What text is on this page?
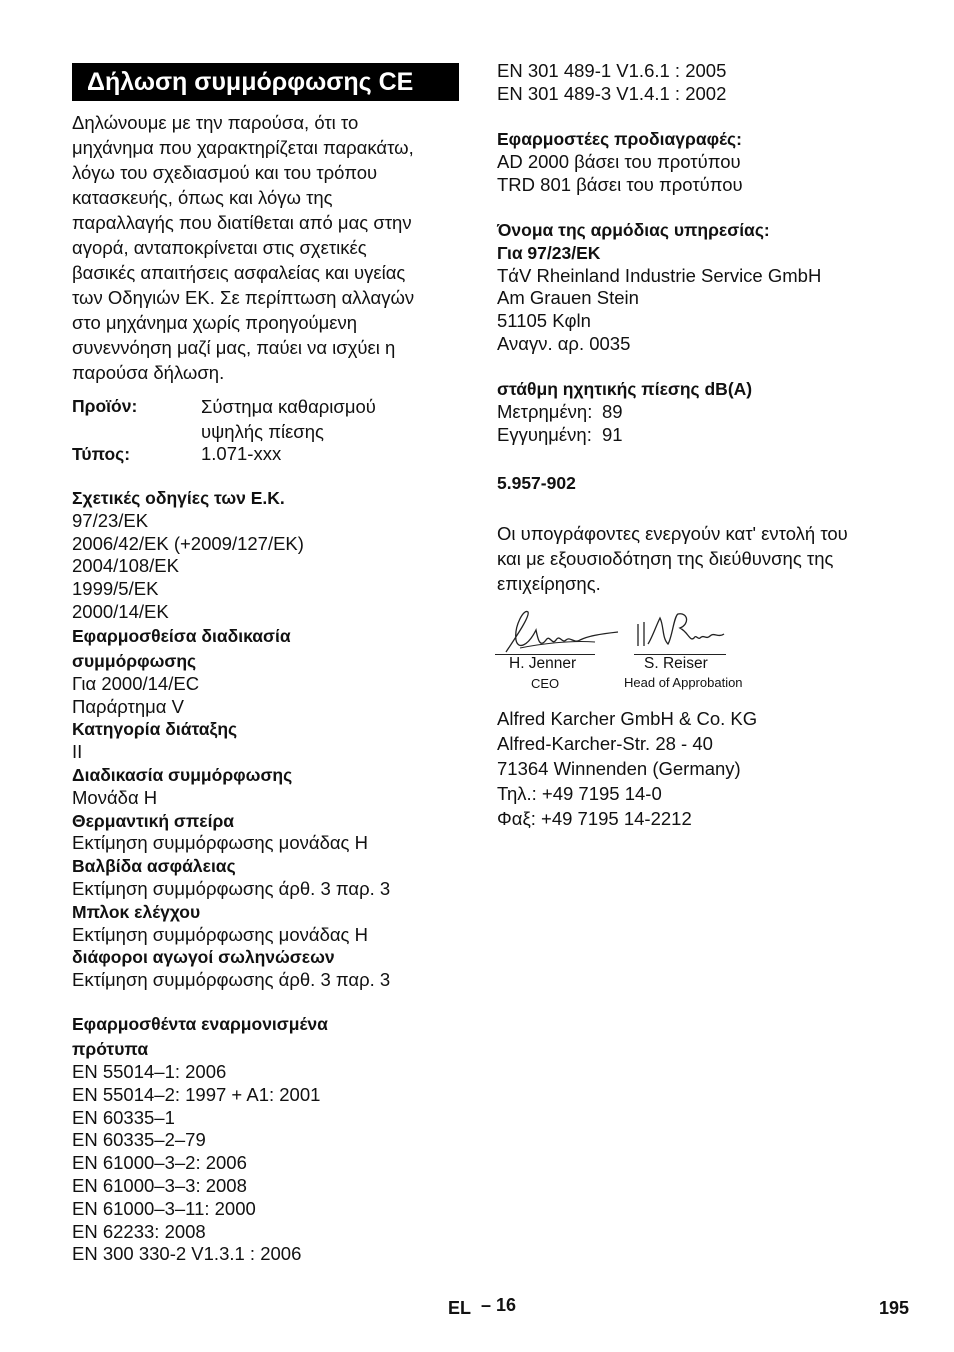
Δήλωση συμμόρφωσης CE
Δηλώνουμε με την παρούσα, ότι το
μηχάνημα που χαρακτηρίζεται παρακάτω,
λόγω του σχεδιασμού και του τρόπου
κατασκευής, όπως και λόγω της
παραλλαγής που διατίθεται από μας στην
αγορά, ανταποκρίνεται στις σχετικές
βασικές απαιτήσεις ασφαλείας και υγείας
των Οδηγιών ΕΚ. Σε περίπτωση αλλαγών
στο μηχάνημα χωρίς προηγούμενη
συνεννόηση μαζί μας, παύει να ισχύει η
παρούσα δήλωση.
Προϊόν:	Σύστημα καθαρισμού
υψηλής πίεσης
Τύπος:	1.071-xxx
Σχετικές οδηγίες των Ε.Κ.
97/23/EK
2006/42/EK (+2009/127/EK)
2004/108/EK
1999/5/EK
2000/14/EK
Εφαρμοσθείσα διαδικασία
συμμόρφωσης
Για 2000/14/EC
Παράρτημα V
Κατηγορία διάταξης
II
Διαδικασία συμμόρφωσης
Μονάδα H
Θερμαντική σπείρα
Εκτίμηση συμμόρφωσης μονάδας H
Βαλβίδα ασφάλειας
Εκτίμηση συμμόρφωσης άρθ. 3 παρ. 3
Μπλοκ ελέγχου
Εκτίμηση συμμόρφωσης μονάδας H
διάφοροι αγωγοί σωληνώσεων
Εκτίμηση συμμόρφωσης άρθ. 3 παρ. 3
Εφαρμοσθέντα εναρμονισμένα
πρότυπα
EN 55014–1: 2006
EN 55014–2: 1997 + A1: 2001
EN 60335–1
EN 60335–2–79
EN 61000–3–2: 2006
EN 61000–3–3: 2008
EN 61000–3–11: 2000
EN 62233: 2008
EN 300 330-2 V1.3.1 : 2006
EN 301 489-1 V1.6.1 : 2005
EN 301 489-3 V1.4.1 : 2002
Εφαρμοστέες προδιαγραφές:
AD 2000 βάσει του προτύπου
TRD 801 βάσει του προτύπου
Όνομα της αρμόδιας υπηρεσίας:
Για 97/23/EK
TάV Rheinland Industrie Service GmbH
Am Grauen Stein
51105 Kφln
Αναγν. αρ. 0035
στάθμη ηχητικής πίεσης dB(A)
Μετρημένη: 89
Εγγυημένη: 91
5.957-902
Οι υπογράφοντες ενεργούν κατ' εντολή του
και με εξουσιοδότηση της διεύθυνσης της
επιχείρησης.
H. Jenner
CEO
S. Reiser
Head of Approbation
Alfred Karcher GmbH & Co. KG
Alfred-Karcher-Str. 28 - 40
71364 Winnenden (Germany)
Τηλ.: +49 7195 14-0
Φαξ: +49 7195 14-2212
EL – 16	195
